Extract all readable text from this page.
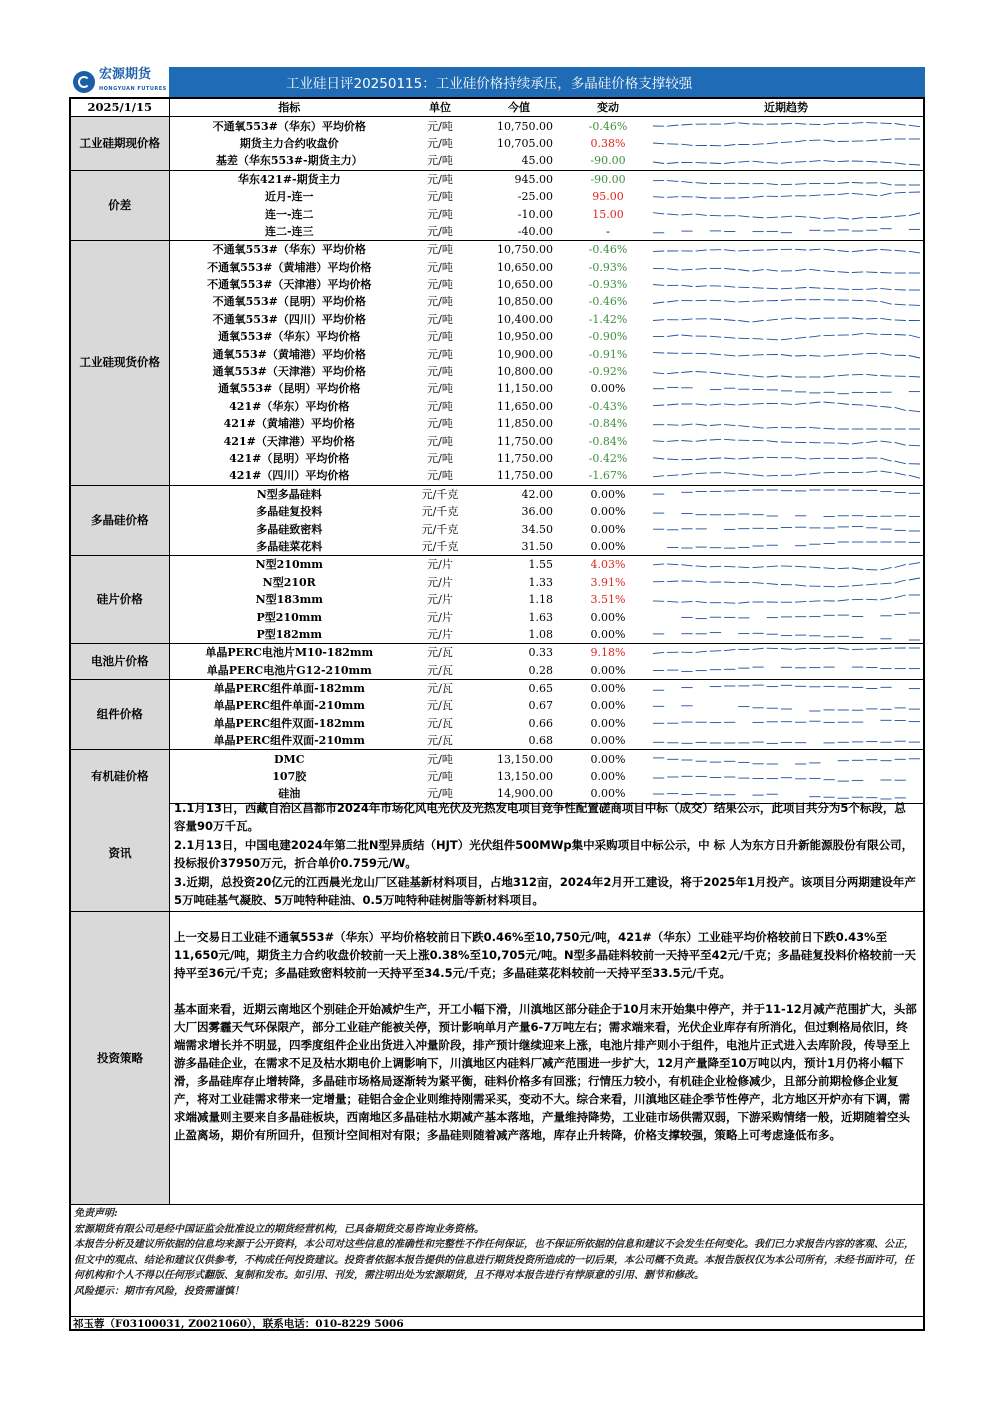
宏源期货
HONGYUAN FUTURES	工业硅日评20250115：工业硅价格持续承压，多晶硅价格支撑较强
2025/1/15	指标	单位	今值	变动	近期趋势
工业硅期现价格	不通氧553#（华东）平均价格	元/吨	10,750.00	-0.46%	

	期货主力合约收盘价	元/吨	10,705.00	0.38%	

	基差（华东553#-期货主力）	元/吨	45.00	-90.00	

价差	华东421#-期货主力	元/吨	945.00	-90.00	

	近月-连一	元/吨	-25.00	95.00	

	连一-连二	元/吨	-10.00	15.00	

	连二-连三	元/吨	-40.00	-	

工业硅现货价格	不通氧553#（华东）平均价格	元/吨	10,750.00	-0.46%	

	不通氧553#（黄埔港）平均价格	元/吨	10,650.00	-0.93%	

	不通氧553#（天津港）平均价格	元/吨	10,650.00	-0.93%	

	不通氧553#（昆明）平均价格	元/吨	10,850.00	-0.46%	

	不通氧553#（四川）平均价格	元/吨	10,400.00	-1.42%	

	通氧553#（华东）平均价格	元/吨	10,950.00	-0.90%	

	通氧553#（黄埔港）平均价格	元/吨	10,900.00	-0.91%	

	通氧553#（天津港）平均价格	元/吨	10,800.00	-0.92%	

	通氧553#（昆明）平均价格	元/吨	11,150.00	0.00%	

	421#（华东）平均价格	元/吨	11,650.00	-0.43%	

	421#（黄埔港）平均价格	元/吨	11,850.00	-0.84%	

	421#（天津港）平均价格	元/吨	11,750.00	-0.84%	

	421#（昆明）平均价格	元/吨	11,750.00	-0.42%	

	421#（四川）平均价格	元/吨	11,750.00	-1.67%	

多晶硅价格	N型多晶硅料	元/千克	42.00	0.00%	

	多晶硅复投料	元/千克	36.00	0.00%	

	多晶硅致密料	元/千克	34.50	0.00%	

	多晶硅菜花料	元/千克	31.50	0.00%	

硅片价格	N型210mm	元/片	1.55	4.03%	

	N型210R	元/片	1.33	3.91%	

	N型183mm	元/片	1.18	3.51%	

	P型210mm	元/片	1.63	0.00%	

	P型182mm	元/片	1.08	0.00%	

电池片价格	单晶PERC电池片M10-182mm	元/瓦	0.33	9.18%	

	单晶PERC电池片G12-210mm	元/瓦	0.28	0.00%	

组件价格	单晶PERC组件单面-182mm	元/瓦	0.65	0.00%	

	单晶PERC组件单面-210mm	元/瓦	0.67	0.00%	

	单晶PERC组件双面-182mm	元/瓦	0.66	0.00%	

	单晶PERC组件双面-210mm	元/瓦	0.68	0.00%	

有机硅价格	DMC	元/吨	13,150.00	0.00%	

	107胶	元/吨	13,150.00	0.00%	

	硅油	元/吨	14,900.00	0.00%	
资讯

1.1月13日，西藏自治区昌都市2024年市场化风电光伏及光热发电项目竞争性配置磋商项目中标（成交）结果公示，此项目共分为5个标段，总容量90万千瓦。

2.1月13日，中国电建2024年第二批N型异质结（HJT）光伏组件500MWp集中采购项目中标公示，中 标 人为东方日升新能源股份有限公司，投标报价37950万元，折合单价0.759元/W。

3.近期，总投资20亿元的江西晨光龙山厂区硅基新材料项目，占地312亩，2024年2月开工建设，将于2025年1月投产。该项目分两期建设年产5万吨硅基气凝胶、5万吨特种硅油、0.5万吨特种硅树脂等新材料项目。

投资策略

上一交易日工业硅不通氧553#（华东）平均价格较前日下跌0.46%至10,750元/吨，421#（华东）工业硅平均价格较前日下跌0.43%至11,650元/吨，期货主力合约收盘价较前一天上涨0.38%至10,705元/吨。N型多晶硅料较前一天持平至42元/千克；多晶硅复投料价格较前一天持平至36元/千克；多晶硅致密料较前一天持平至34.5元/千克；多晶硅菜花料较前一天持平至33.5元/千克。

基本面来看，近期云南地区个别硅企开始减炉生产，开工小幅下滑，川滇地区部分硅企于10月末开始集中停产，并于11-12月减产范围扩大，头部大厂因雾霾天气环保限产，部分工业硅产能被关停，预计影响单月产量6-7万吨左右；需求端来看，光伏企业库存有所消化，但过剩格局依旧，终端需求增长并不明显，四季度组件企业出货进入冲量阶段，排产预计继续迎来上涨，电池片排产则小于组件，电池片正式进入去库阶段，传导至上游多晶硅企业，在需求不足及枯水期电价上调影响下，川滇地区内硅料厂减产范围进一步扩大，12月产量降至10万吨以内，预计1月仍将小幅下滑，多晶硅库存止增转降，多晶硅市场格局逐渐转为紧平衡，硅料价格多有回涨；行情压力较小，有机硅企业检修减少，且部分前期检修企业复产，将对工业硅需求带来一定增量；硅铝合金企业则维持刚需采买，变动不大。综合来看，川滇地区硅企季节性停产，北方地区开炉亦有下调，需求端减量则主要来自多晶硅板块，西南地区多晶硅枯水期减产基本落地，产量维持降势，工业硅市场供需双弱，下游采购情绪一般，近期随着空头止盈离场，期价有所回升，但预计空间相对有限；多晶硅则随着减产落地，库存止升转降，价格支撑较强，策略上可考虑逢低布多。

免责声明:

宏源期货有限公司是经中国证监会批准设立的期货经营机构，已具备期货交易咨询业务资格。

本报告分析及建议所依据的信息均来源于公开资料，本公司对这些信息的准确性和完整性不作任何保证，也不保证所依据的信息和建议不会发生任何变化。我们已力求报告内容的客观、公正，但文中的观点、结论和建议仅供参考，不构成任何投资建议。投资者依据本报告提供的信息进行期货投资所造成的一切后果，本公司概不负责。本报告版权仅为本公司所有，未经书面许可，任何机构和个人不得以任何形式翻版、复制和发布。如引用、刊发，需注明出处为宏源期货，且不得对本报告进行有悖原意的引用、删节和修改。

风险提示：期市有风险，投资需谨慎！

祁玉蓉（F03100031, Z0021060），联系电话：010-8229 5006
